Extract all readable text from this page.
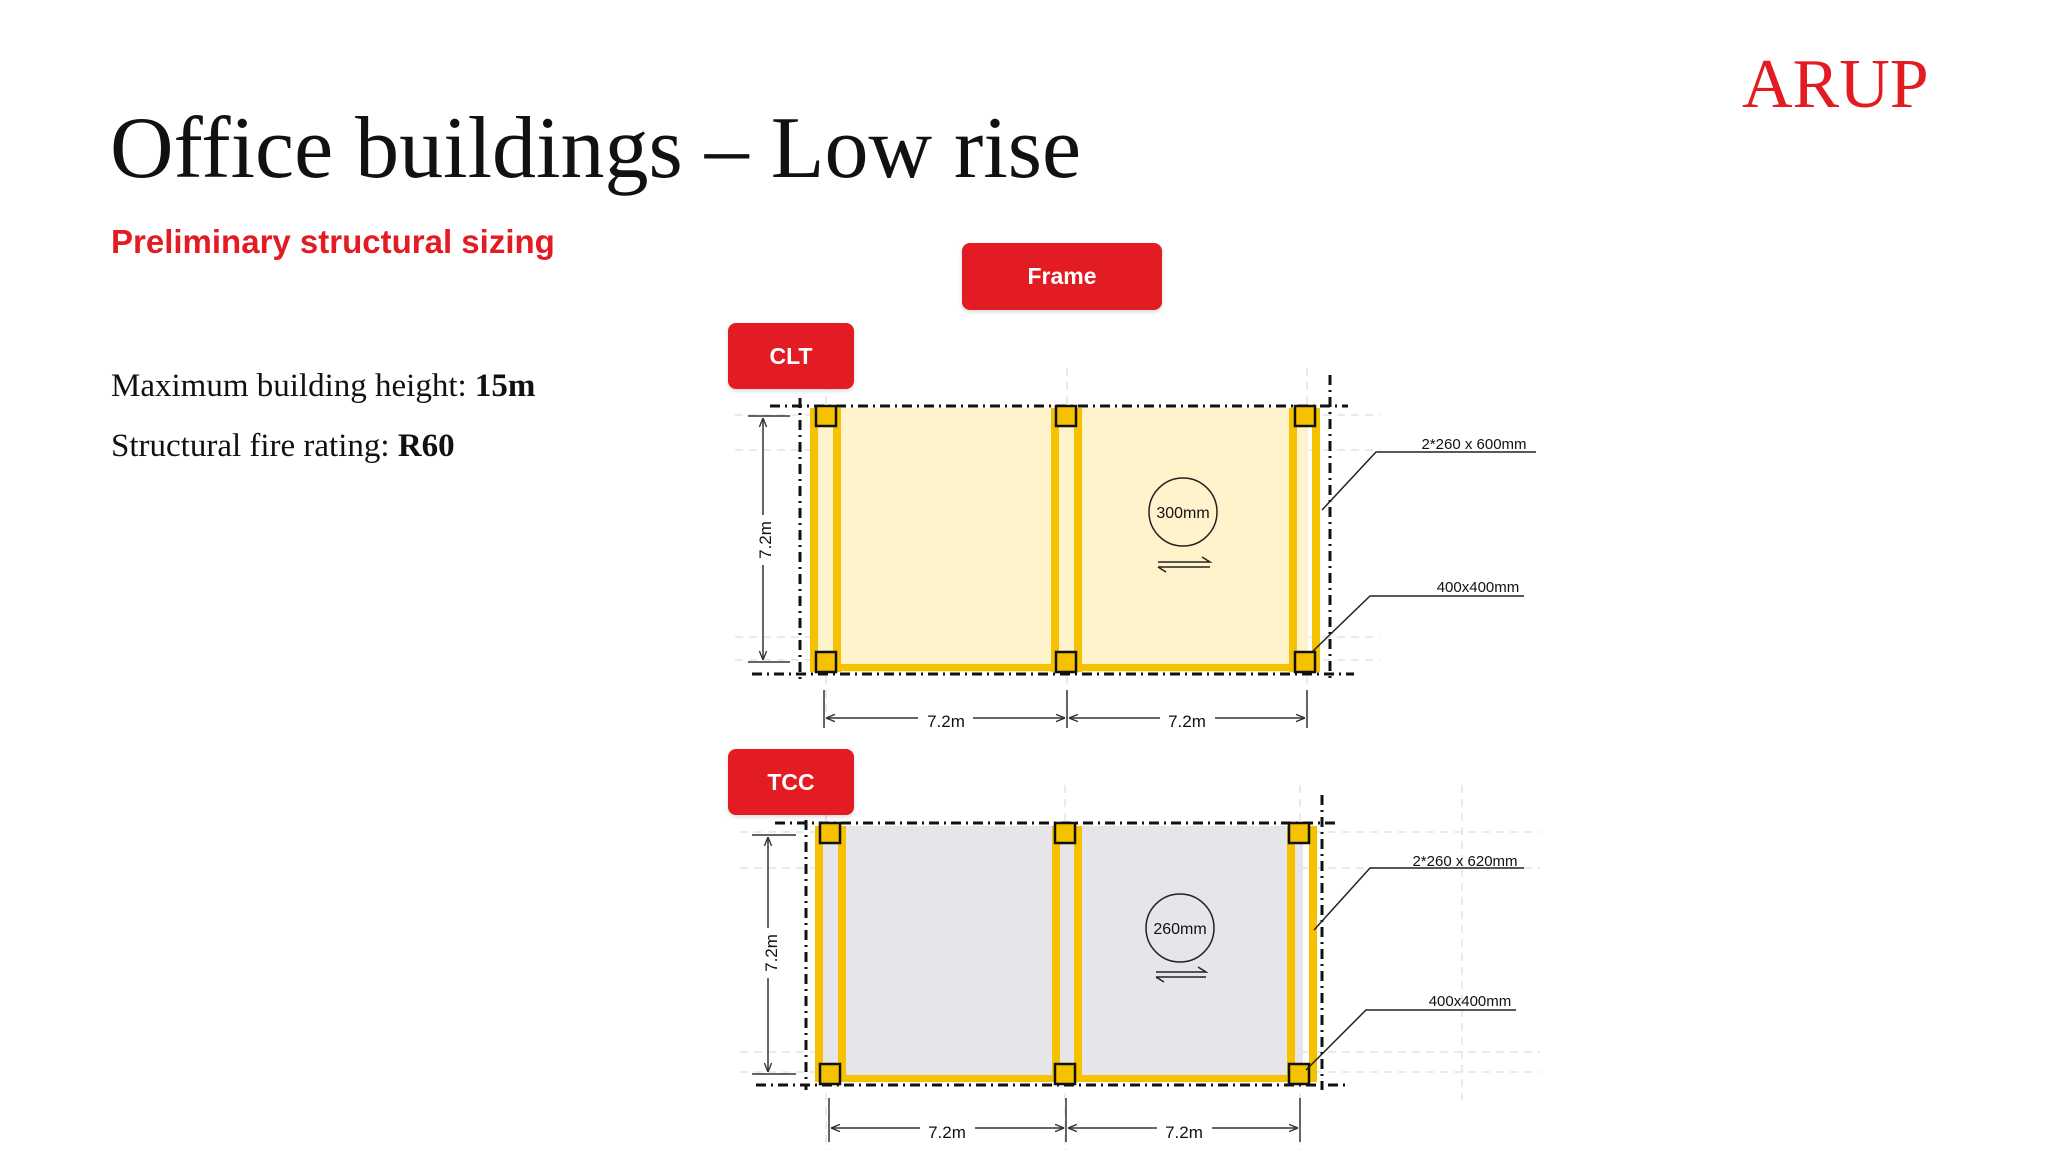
ARUP
Office buildings – Low rise
Preliminary structural sizing
Maximum building height: 15m
Structural fire rating: R60
Frame
7.2m
7.2m	7.2m
300mm
2*260 x 600mm
400x400mm
7.2m
7.2m	7.2m
260mm
2*260 x 620mm
400x400mm
CLT
TCC
